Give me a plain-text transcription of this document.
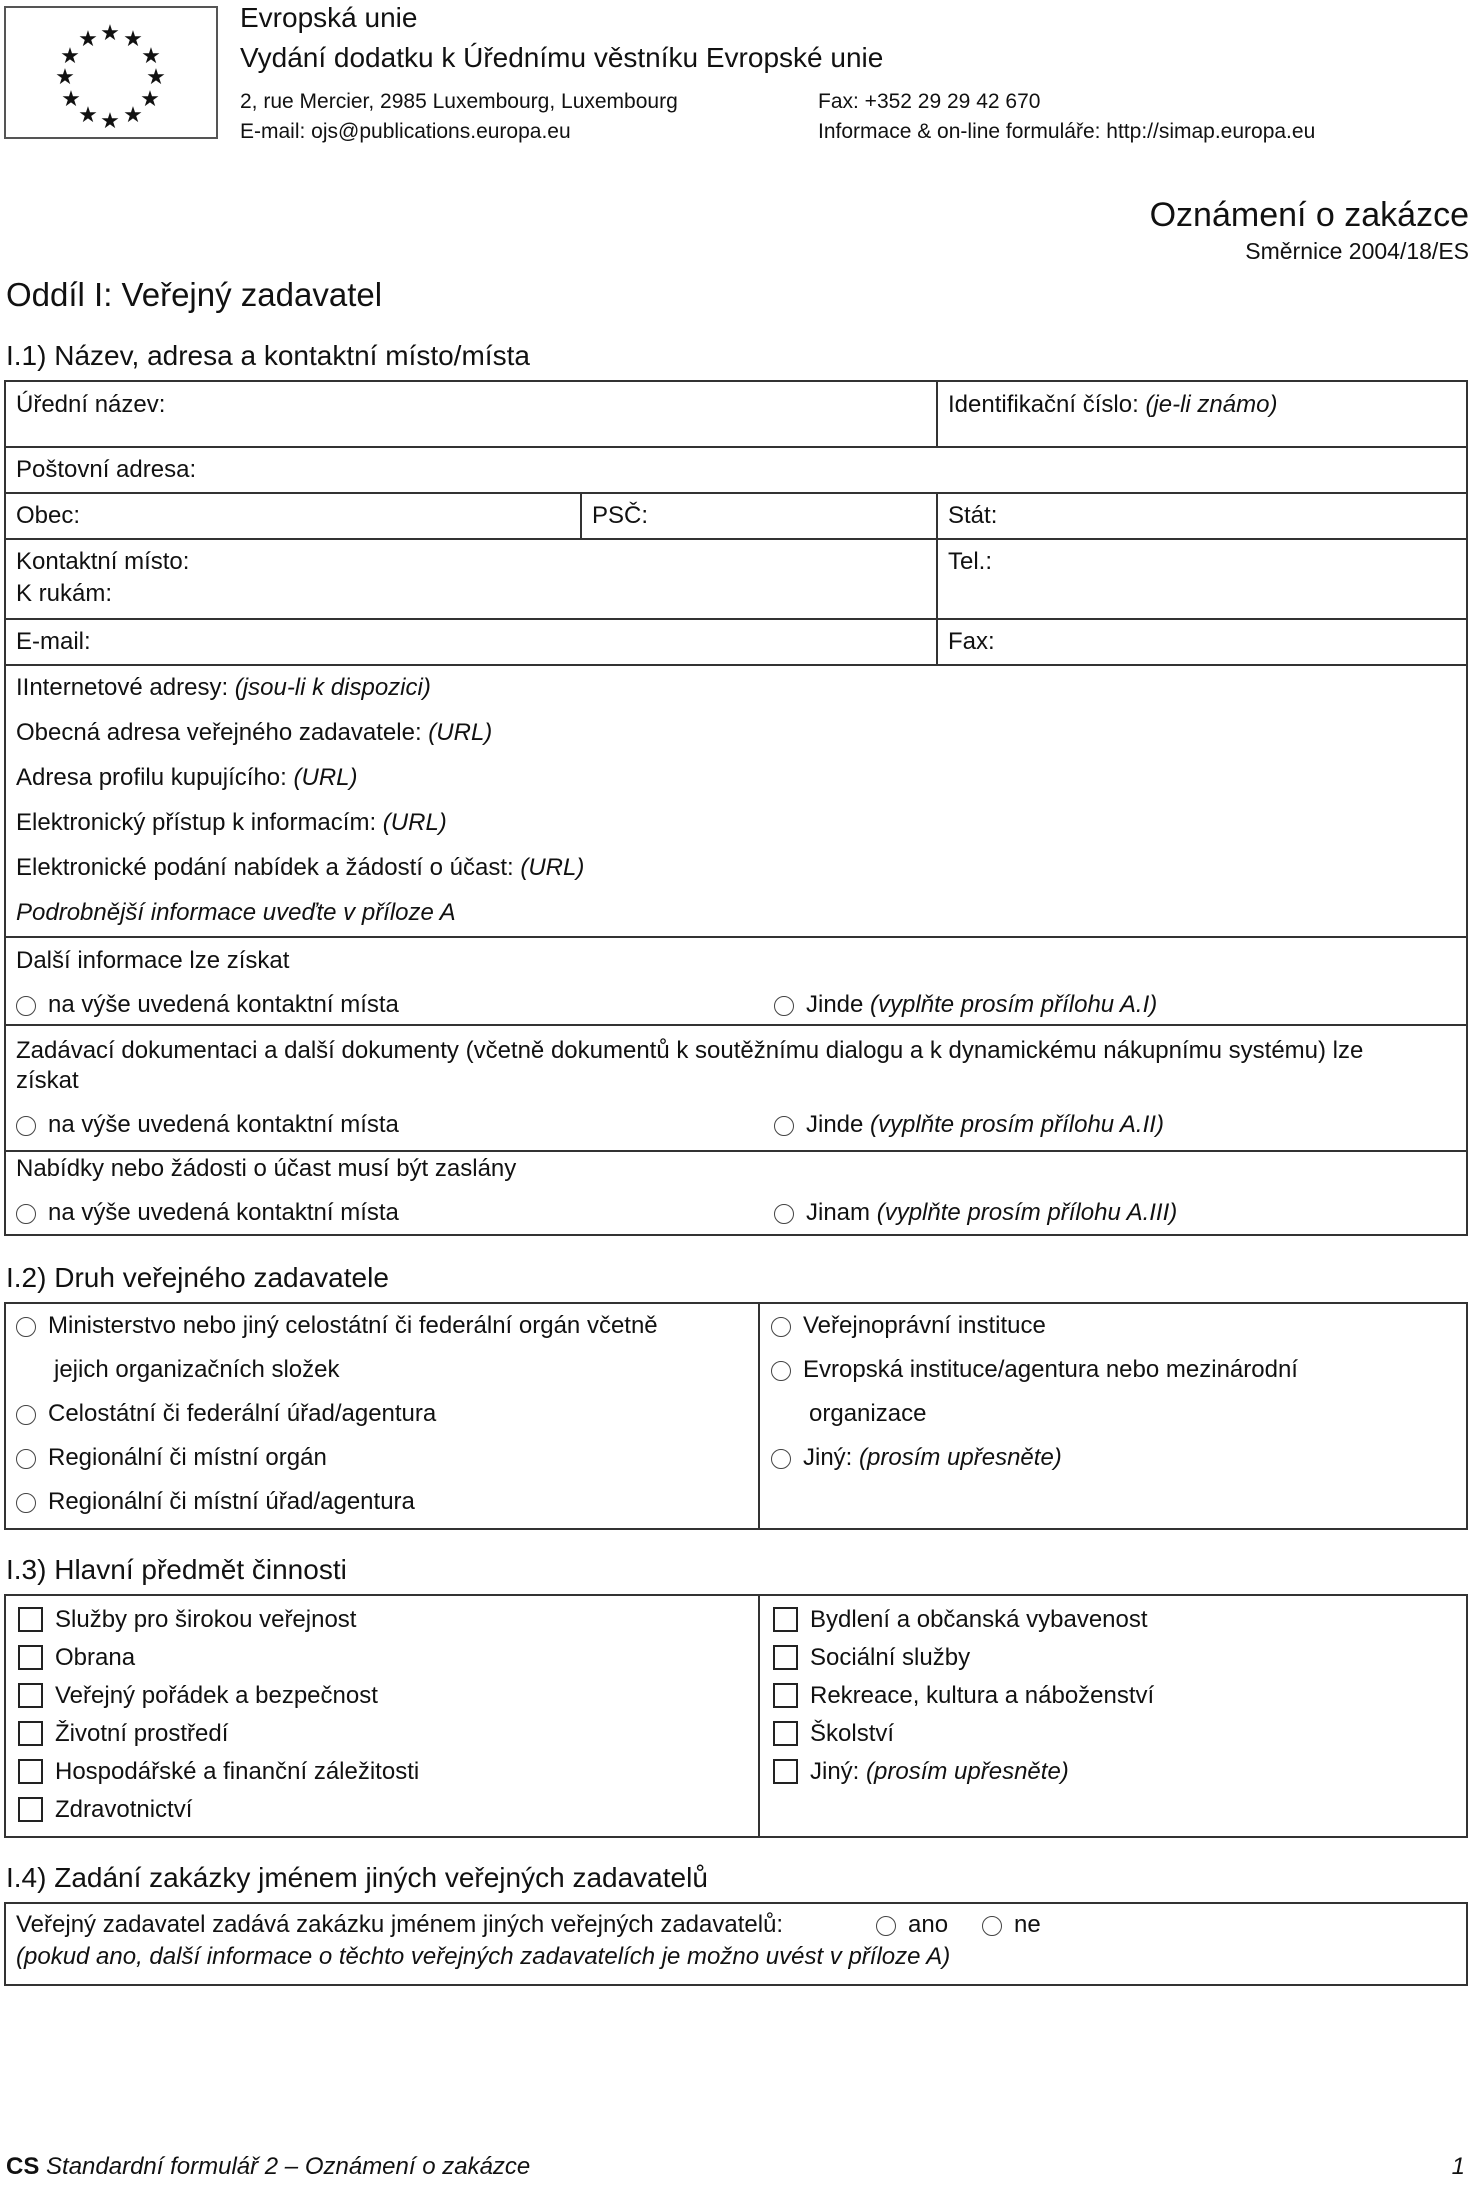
★ ★
★
★
★
★
★
★
★
★
★ ★
Evropská unie
Vydání dodatku k Úřednímu věstníku Evropské unie
2, rue Mercier, 2985 Luxembourg, Luxembourg
E-mail: ojs@publications.europa.eu
Fax: +352 29 29 42 670
Informace & on-line formuláře: http://simap.europa.eu
Oznámení o zakázce
Směrnice 2004/18/ES
Oddíl I: Veřejný zadavatel
I.1) Název, adresa a kontaktní místo/místa
Úřední název:	Identifikační číslo: (je-li známo)
Poštovní adresa:
Obec:	PSČ:	Stát:
Kontaktní místo:
K rukám:
Tel.:
E-mail:	Fax:
IInternetové adresy: (jsou-li k dispozici)
Obecná adresa veřejného zadavatele: (URL)
Adresa profilu kupujícího: (URL)
Elektronický přístup k informacím: (URL)
Elektronické podání nabídek a žádostí o účast: (URL)
Podrobnější informace uveďte v příloze A
Další informace lze získat
na výše uvedená kontaktní místa	Jinde (vyplňte prosím přílohu A.I)
Zadávací dokumentaci a další dokumenty (včetně dokumentů k soutěžnímu dialogu a k dynamickému nákupnímu systému) lze
získat
na výše uvedená kontaktní místa	Jinde (vyplňte prosím přílohu A.II)
Nabídky nebo žádosti o účast musí být zaslány
na výše uvedená kontaktní místa	Jinam (vyplňte prosím přílohu A.III)
I.2) Druh veřejného zadavatele
Ministerstvo nebo jiný celostátní či federální orgán včetně
jejich organizačních složek
Celostátní či federální úřad/agentura
Regionální či místní orgán
Regionální či místní úřad/agentura
Veřejnoprávní instituce
Evropská instituce/agentura nebo mezinárodní
organizace
Jiný: (prosím upřesněte)
I.3) Hlavní předmět činnosti
Služby pro širokou veřejnost
Obrana
Veřejný pořádek a bezpečnost
Životní prostředí
Hospodářské a finanční záležitosti
Zdravotnictví
Bydlení a občanská vybavenost
Sociální služby
Rekreace, kultura a náboženství
Školství
Jiný: (prosím upřesněte)
I.4) Zadání zakázky jménem jiných veřejných zadavatelů
Veřejný zadavatel zadává zakázku jménem jiných veřejných zadavatelů:	ano	ne
(pokud ano, další informace o těchto veřejných zadavatelích je možno uvést v příloze A)
CS Standardní formulář 2 – Oznámení o zakázce	1
